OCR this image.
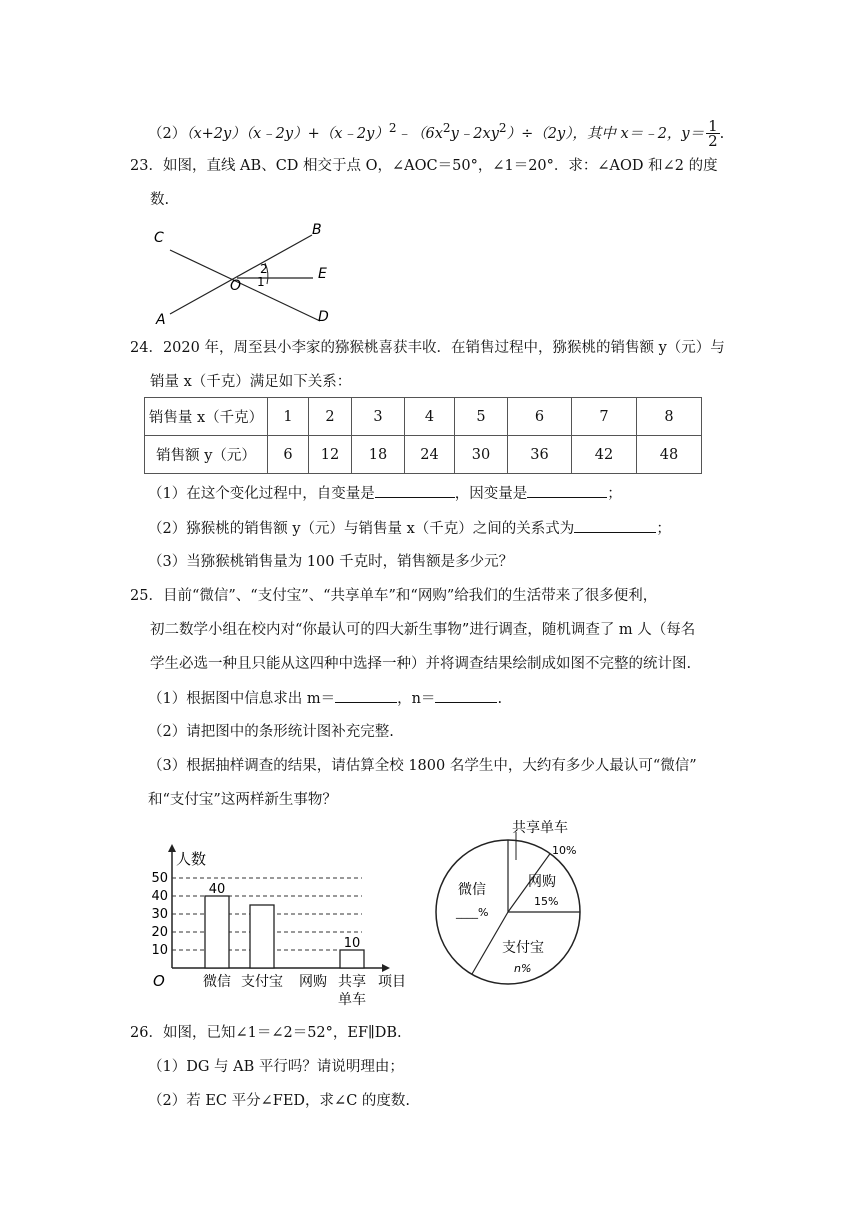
$(2)(x+2y)(x﹣2y)+(x﹣2y)^2﹣(6x^2y﹣2xy^2)\div(2y)$，其中 x＝﹣2，$y= \frac{1}{2}$ .
23．如图，直线 AB、CD 相交于点 O，∠AOC＝50°，∠1＝20°．求：∠AOD 和∠2 的度
数.
C	B
E
O
A	D
1
2
24．2020 年，周至县小李家的猕猴桃喜获丰收．在销售过程中，猕猴桃的销售额 y（元）与
销量 x（千克）满足如下关系：
销售量 x（千克）	1	2	3	4	5	6	7	8
销售额 y（元）	6	12	18	24	30	36	42	48
（1）在这个变化过程中，自变量是	，因变量是	；
（2）猕猴桃的销售额 y（元）与销售量 x（千克）之间的关系式为	；
（3）当猕猴桃销售量为 100 千克时，销售额是多少元？
25．目前“微信”、“支付宝”、“共享单车”和“网购”给我们的生活带来了很多便利，
初二数学小组在校内对“你最认可的四大新生事物”进行调查，随机调查了 m 人（每名
学生必选一种且只能从这四种中选择一种）并将调查结果绘制成如图不完整的统计图.
（1）根据图中信息求出 m＝	，n＝	.
（2）请把图中的条形统计图补充完整.
（3）根据抽样调查的结果，请估算全校 1800 名学生中，大约有多少人最认可“微信”
和“支付宝”这两样新生事物？
人数
项目
O
10
20
30
40
50
40
10
微信 支付宝 网购 共享
单车
共享单车
10%
网购
15%
微信
____%
支付宝
n%
26．如图，已知∠1＝∠2＝52°，EF∥DB.
（1）DG 与 AB 平行吗？请说明理由；
（2）若 EC 平分∠FED，求∠C 的度数.
